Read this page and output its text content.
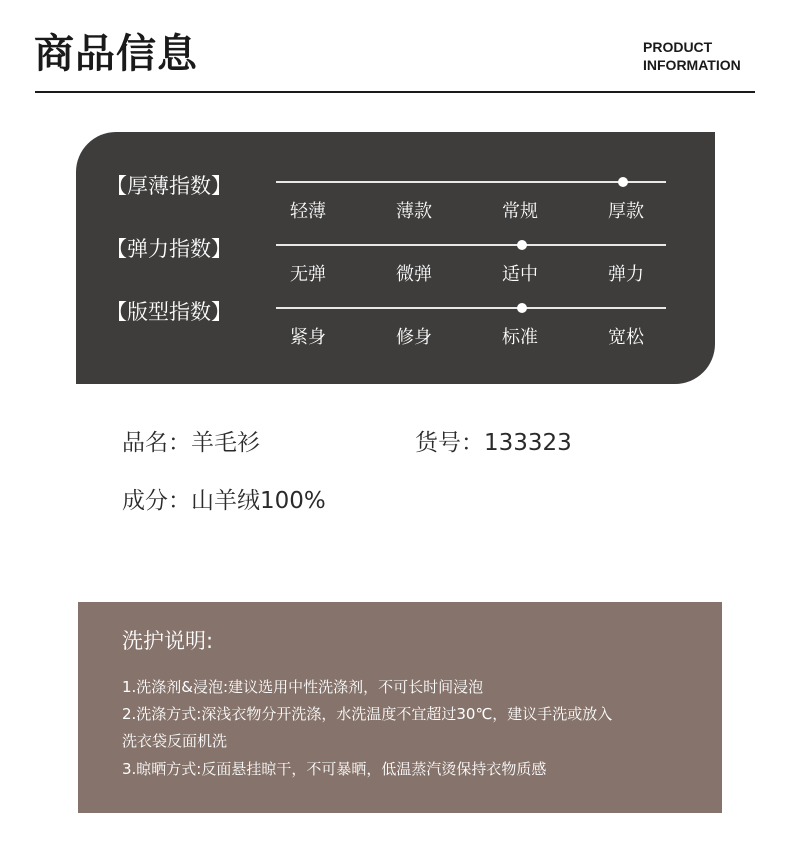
商品信息	PRODUCT
INFORMATION
【厚薄指数】
轻薄	薄款	常规	厚款
【弹力指数】
无弹	微弹	适中	弹力
【版型指数】
紧身	修身	标准	宽松
品名：羊毛衫	货号：133323
成分：山羊绒100%
洗护说明:
1.洗涤剂&浸泡:建议选用中性洗涤剂，不可长时间浸泡
2.洗涤方式:深浅衣物分开洗涤，水洗温度不宜超过30℃，建议手洗或放入
洗衣袋反面机洗
3.晾晒方式:反面悬挂晾干，不可暴晒，低温蒸汽烫保持衣物质感
